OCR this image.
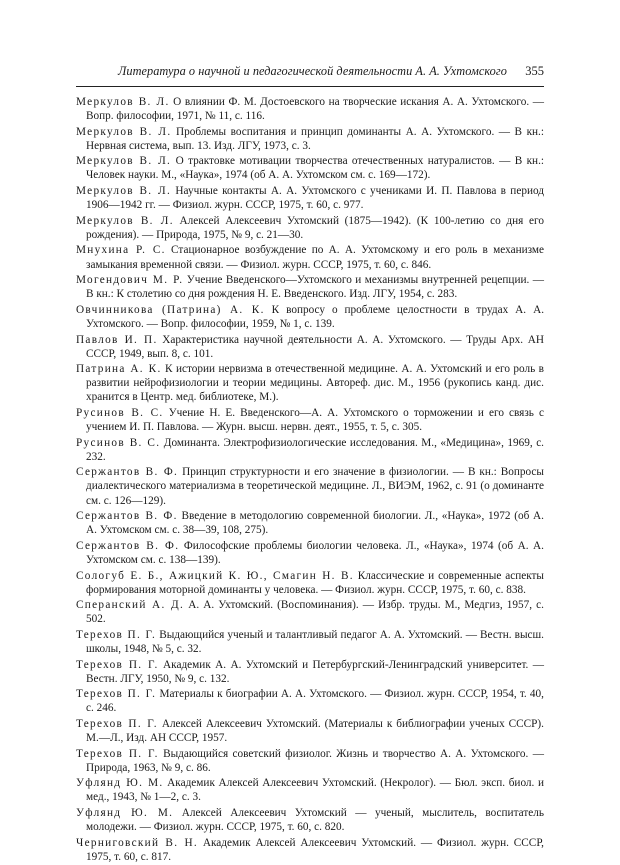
Литература о научной и педагогической деятельности А. А. Ухтомского 355
Меркулов В. Л. О влиянии Ф. М. Достоевского на творческие искания А. А. Ухтомского. — Вопр. философии, 1971, № 11, с. 116.
Меркулов В. Л. Проблемы воспитания и принцип доминанты А. А. Ухтомского. — В кн.: Нервная система, вып. 13. Изд. ЛГУ, 1973, с. 3.
Меркулов В. Л. О трактовке мотивации творчества отечественных натуралистов. — В кн.: Человек науки. М., «Наука», 1974 (об А. А. Ухтомском см. с. 169—172).
Меркулов В. Л. Научные контакты А. А. Ухтомского с учениками И. П. Павлова в период 1906—1942 гг. — Физиол. журн. СССР, 1975, т. 60, с. 977.
Меркулов В. Л. Алексей Алексеевич Ухтомский (1875—1942). (К 100-летию со дня его рождения). — Природа, 1975, № 9, с. 21—30.
Мнухина Р. С. Стационарное возбуждение по А. А. Ухтомскому и его роль в механизме замыкания временной связи. — Физиол. журн. СССР, 1975, т. 60, с. 846.
Могендович М. Р. Учение Введенского—Ухтомского и механизмы внутренней рецепции. — В кн.: К столетию со дня рождения Н. Е. Введенского. Изд. ЛГУ, 1954, с. 283.
Овчинникова (Патрина) А. К. К вопросу о проблеме целостности в трудах А. А. Ухтомского. — Вопр. философии, 1959, № 1, с. 139.
Павлов И. П. Характеристика научной деятельности А. А. Ухтомского. — Труды Арх. АН СССР, 1949, вып. 8, с. 101.
Патрина А. К. К истории нервизма в отечественной медицине. А. А. Ухтомский и его роль в развитии нейрофизиологии и теории медицины. Автореф. дис. М., 1956 (рукопись канд. дис. хранится в Центр. мед. библиотеке, М.).
Русинов В. С. Учение Н. Е. Введенского—А. А. Ухтомского о торможении и его связь с учением И. П. Павлова. — Журн. высш. нервн. деят., 1955, т. 5, с. 305.
Русинов В. С. Доминанта. Электрофизиологические исследования. М., «Медицина», 1969, с. 232.
Сержантов В. Ф. Принцип структурности и его значение в физиологии. — В кн.: Вопросы диалектического материализма в теоретической медицине. Л., ВИЭМ, 1962, с. 91 (о доминанте см. с. 126—129).
Сержантов В. Ф. Введение в методологию современной биологии. Л., «Наука», 1972 (об А. А. Ухтомском см. с. 38—39, 108, 275).
Сержантов В. Ф. Философские проблемы биологии человека. Л., «Наука», 1974 (об А. А. Ухтомском см. с. 138—139).
Сологуб Е. Б., Ажицкий К. Ю., Смагин Н. В. Классические и современные аспекты формирования моторной доминанты у человека. — Физиол. журн. СССР, 1975, т. 60, с. 838.
Сперанский А. Д. А. А. Ухтомский. (Воспоминания). — Избр. труды. М., Медгиз, 1957, с. 502.
Терехов П. Г. Выдающийся ученый и талантливый педагог А. А. Ухтомский. — Вестн. высш. школы, 1948, № 5, с. 32.
Терехов П. Г. Академик А. А. Ухтомский и Петербургский-Ленинградский университет. — Вестн. ЛГУ, 1950, № 9, с. 132.
Терехов П. Г. Материалы к биографии А. А. Ухтомского. — Физиол. журн. СССР, 1954, т. 40, с. 246.
Терехов П. Г. Алексей Алексеевич Ухтомский. (Материалы к библиографии ученых СССР). М.—Л., Изд. АН СССР, 1957.
Терехов П. Г. Выдающийся советский физиолог. Жизнь и творчество А. А. Ухтомского. — Природа, 1963, № 9, с. 86.
Уфлянд Ю. М. Академик Алексей Алексеевич Ухтомский. (Некролог). — Бюл. эксп. биол. и мед., 1943, № 1—2, с. 3.
Уфлянд Ю. М. Алексей Алексеевич Ухтомский — ученый, мыслитель, воспитатель молодежи. — Физиол. журн. СССР, 1975, т. 60, с. 820.
Черниговский В. Н. Академик Алексей Алексеевич Ухтомский. — Физиол. журн. СССР, 1975, т. 60, с. 817.
